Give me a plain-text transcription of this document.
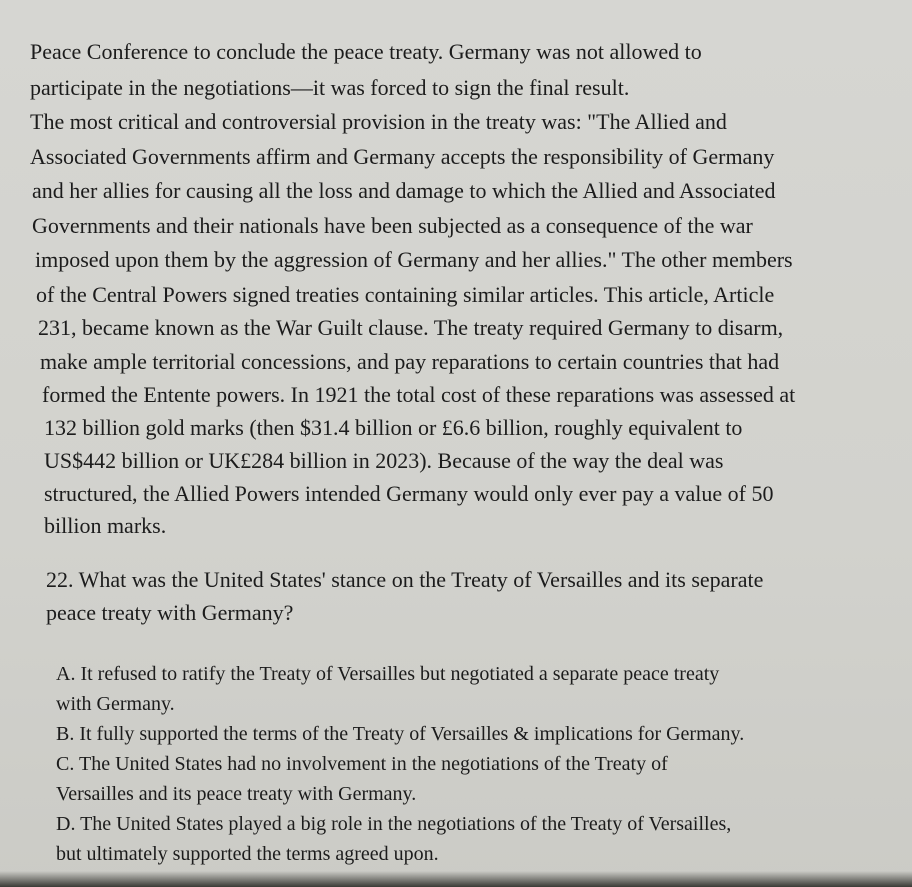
Peace Conference to conclude the peace treaty. Germany was not allowed to
participate in the negotiations—it was forced to sign the final result.
The most critical and controversial provision in the treaty was: "The Allied and
Associated Governments affirm and Germany accepts the responsibility of Germany
and her allies for causing all the loss and damage to which the Allied and Associated
Governments and their nationals have been subjected as a consequence of the war
imposed upon them by the aggression of Germany and her allies." The other members
of the Central Powers signed treaties containing similar articles. This article, Article
231, became known as the War Guilt clause. The treaty required Germany to disarm,
make ample territorial concessions, and pay reparations to certain countries that had
formed the Entente powers. In 1921 the total cost of these reparations was assessed at
132 billion gold marks (then $31.4 billion or £6.6 billion, roughly equivalent to
US$442 billion or UK£284 billion in 2023). Because of the way the deal was
structured, the Allied Powers intended Germany would only ever pay a value of 50
billion marks.
22. What was the United States' stance on the Treaty of Versailles and its separate
peace treaty with Germany?
A. It refused to ratify the Treaty of Versailles but negotiated a separate peace treaty
with Germany.
B. It fully supported the terms of the Treaty of Versailles & implications for Germany.
C. The United States had no involvement in the negotiations of the Treaty of
Versailles and its peace treaty with Germany.
D. The United States played a big role in the negotiations of the Treaty of Versailles,
but ultimately supported the terms agreed upon.
